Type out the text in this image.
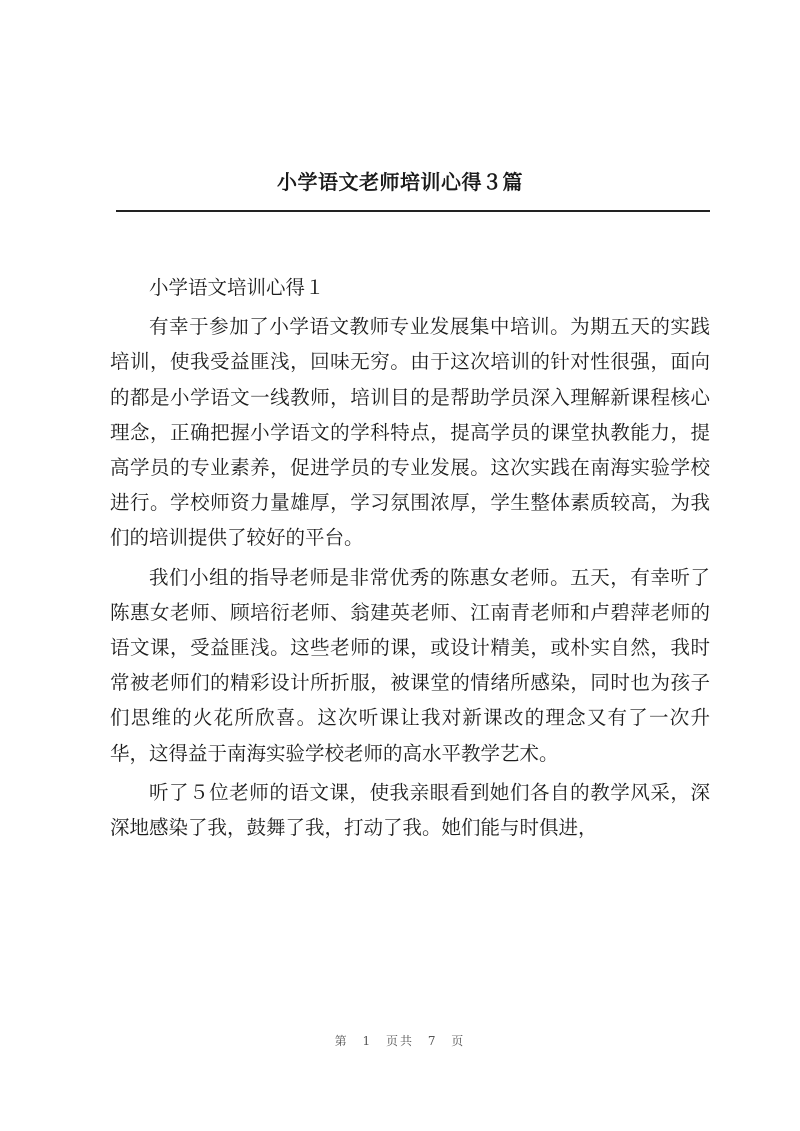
小学语文老师培训心得３篇

小学语文培训心得１

有幸于参加了小学语文教师专业发展集中培训。为期五天的实践培训，使我受益匪浅，回味无穷。由于这次培训的针对性很强，面向的都是小学语文一线教师，培训目的是帮助学员深入理解新课程核心理念，正确把握小学语文的学科特点，提高学员的课堂执教能力，提高学员的专业素养，促进学员的专业发展。这次实践在南海实验学校进行。学校师资力量雄厚，学习氛围浓厚，学生整体素质较高，为我们的培训提供了较好的平台。

我们小组的指导老师是非常优秀的陈惠女老师。五天，有幸听了陈惠女老师、顾培衍老师、翁建英老师、江南青老师和卢碧萍老师的语文课，受益匪浅。这些老师的课，或设计精美，或朴实自然，我时常被老师们的精彩设计所折服，被课堂的情绪所感染，同时也为孩子们思维的火花所欣喜。这次听课让我对新课改的理念又有了一次升华，这得益于南海实验学校老师的高水平教学艺术。

听了５位老师的语文课，使我亲眼看到她们各自的教学风采，深深地感染了我，鼓舞了我，打动了我。她们能与时俱进，

第 1 页共 7 页
